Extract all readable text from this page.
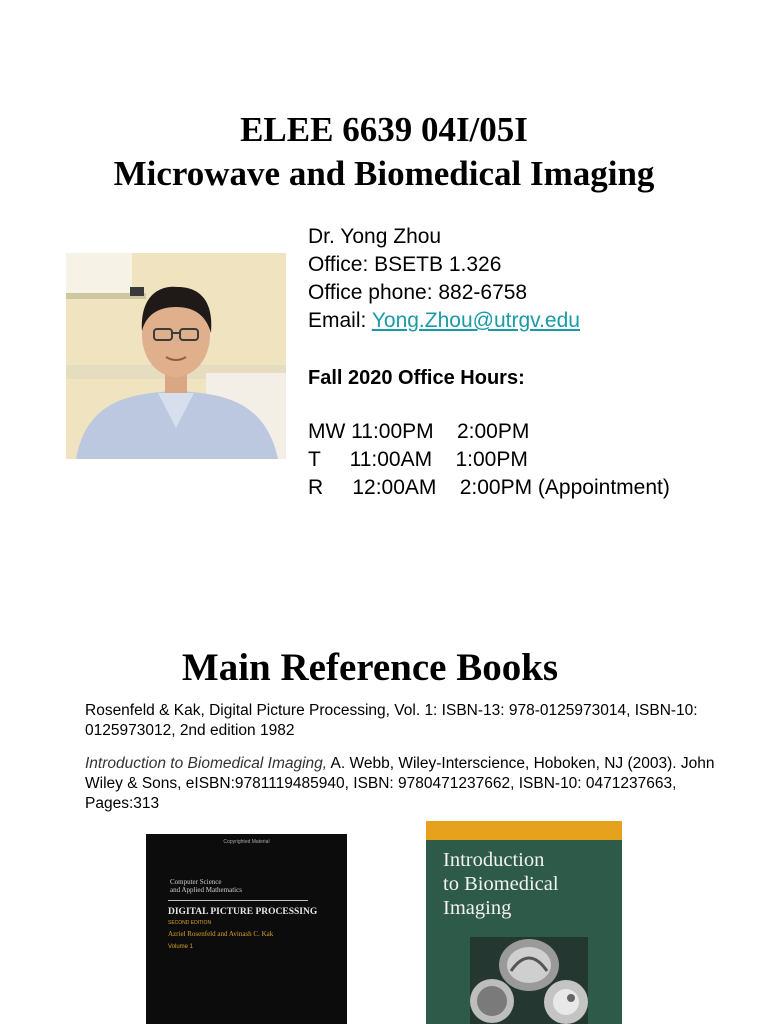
ELEE 6639 04I/05I
Microwave and Biomedical Imaging
Dr. Yong Zhou
Office: BSETB 1.326
Office phone: 882-6758
Email: Yong.Zhou@utrgv.edu
Fall 2020 Office Hours:
MW 11:00PM    2:00PM
T     11:00AM    1:00PM
R     12:00AM    2:00PM (Appointment)
Main Reference Books
Rosenfeld & Kak, Digital Picture Processing, Vol. 1: ISBN-13: 978-0125973014, ISBN-10: 0125973012, 2nd edition 1982
Introduction to Biomedical Imaging, A. Webb, Wiley-Interscience, Hoboken, NJ (2003). John Wiley & Sons, eISBN:9781119485940, ISBN: 9780471237662, ISBN-10: 0471237663, Pages:313
Copyrighted Material
Computer Science
and Applied Mathematics
DIGITAL PICTURE PROCESSING
SECOND EDITION
Azriel Rosenfeld and Avinash C. Kak
Volume 1
Introduction
to Biomedical
Imaging
